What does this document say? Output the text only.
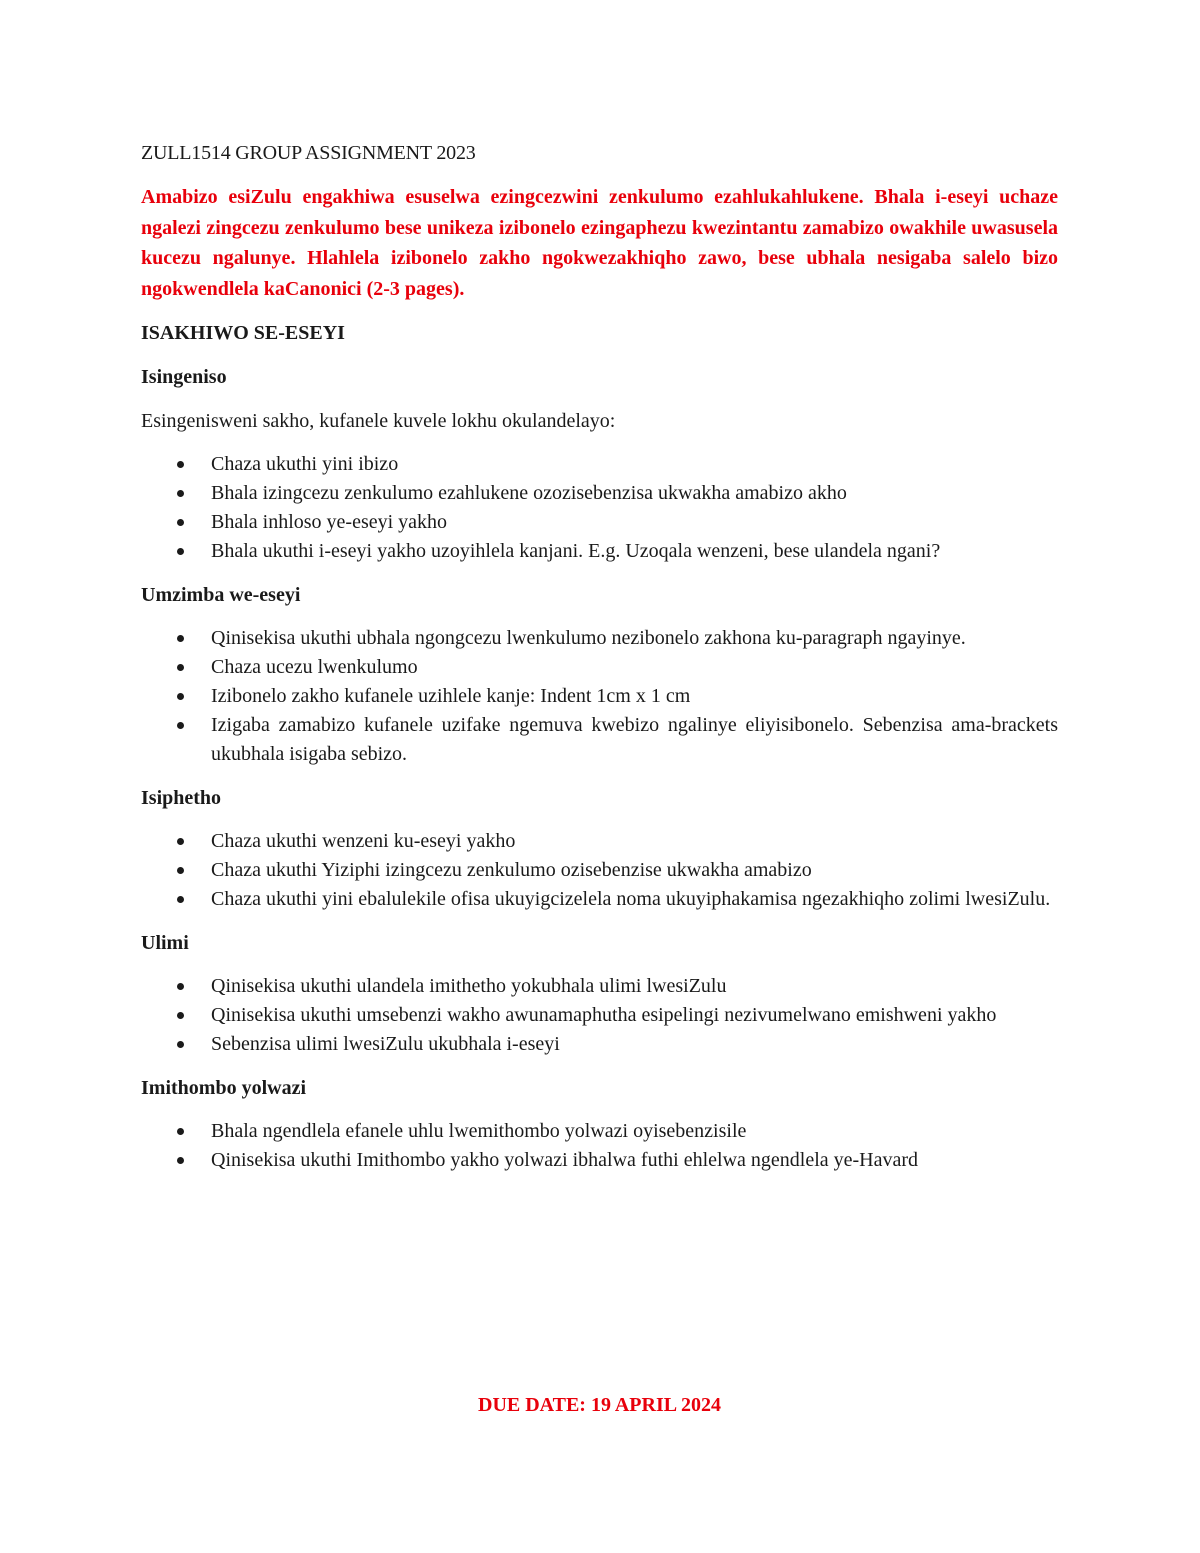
ZULL1514 GROUP ASSIGNMENT 2023

Amabizo esiZulu engakhiwa esuselwa ezingcezwini zenkulumo ezahlukahlukene. Bhala i-eseyi uchaze ngalezi zingcezu zenkulumo bese unikeza izibonelo ezingaphezu kwezintantu zamabizo owakhile uwasusela kucezu ngalunye. Hlahlela izibonelo zakho ngokwezakhiqho zawo, bese ubhala nesigaba salelo bizo ngokwendlela kaCanonici (2-3 pages).

ISAKHIWO SE-ESEYI

Isingeniso

Esingenisweni sakho, kufanele kuvele lokhu okulandelayo:

Chaza ukuthi yini ibizo
Bhala izingcezu zenkulumo ezahlukene ozozisebenzisa ukwakha amabizo akho
Bhala inhloso ye-eseyi yakho
Bhala ukuthi i-eseyi yakho uzoyihlela kanjani. E.g. Uzoqala wenzeni, bese ulandela ngani?

Umzimba we-eseyi

Qinisekisa ukuthi ubhala ngongcezu lwenkulumo nezibonelo zakhona ku-paragraph ngayinye.
Chaza ucezu lwenkulumo
Izibonelo zakho kufanele uzihlele kanje: Indent 1cm x 1 cm
Izigaba zamabizo kufanele uzifake ngemuva kwebizo ngalinye eliyisibonelo. Sebenzisa ama-brackets ukubhala isigaba sebizo.

Isiphetho

Chaza ukuthi wenzeni ku-eseyi yakho
Chaza ukuthi Yiziphi izingcezu zenkulumo ozisebenzise ukwakha amabizo
Chaza ukuthi yini ebalulekile ofisa ukuyigcizelela noma ukuyiphakamisa ngezakhiqho zolimi lwesiZulu.

Ulimi

Qinisekisa ukuthi ulandela imithetho yokubhala ulimi lwesiZulu
Qinisekisa ukuthi umsebenzi wakho awunamaphutha esipelingi nezivumelwano emishweni yakho
Sebenzisa ulimi lwesiZulu ukubhala i-eseyi

Imithombo yolwazi

Bhala ngendlela efanele uhlu lwemithombo yolwazi oyisebenzisile
Qinisekisa ukuthi Imithombo yakho yolwazi ibhalwa futhi ehlelwa ngendlela ye-Havard

DUE DATE: 19 APRIL 2024
